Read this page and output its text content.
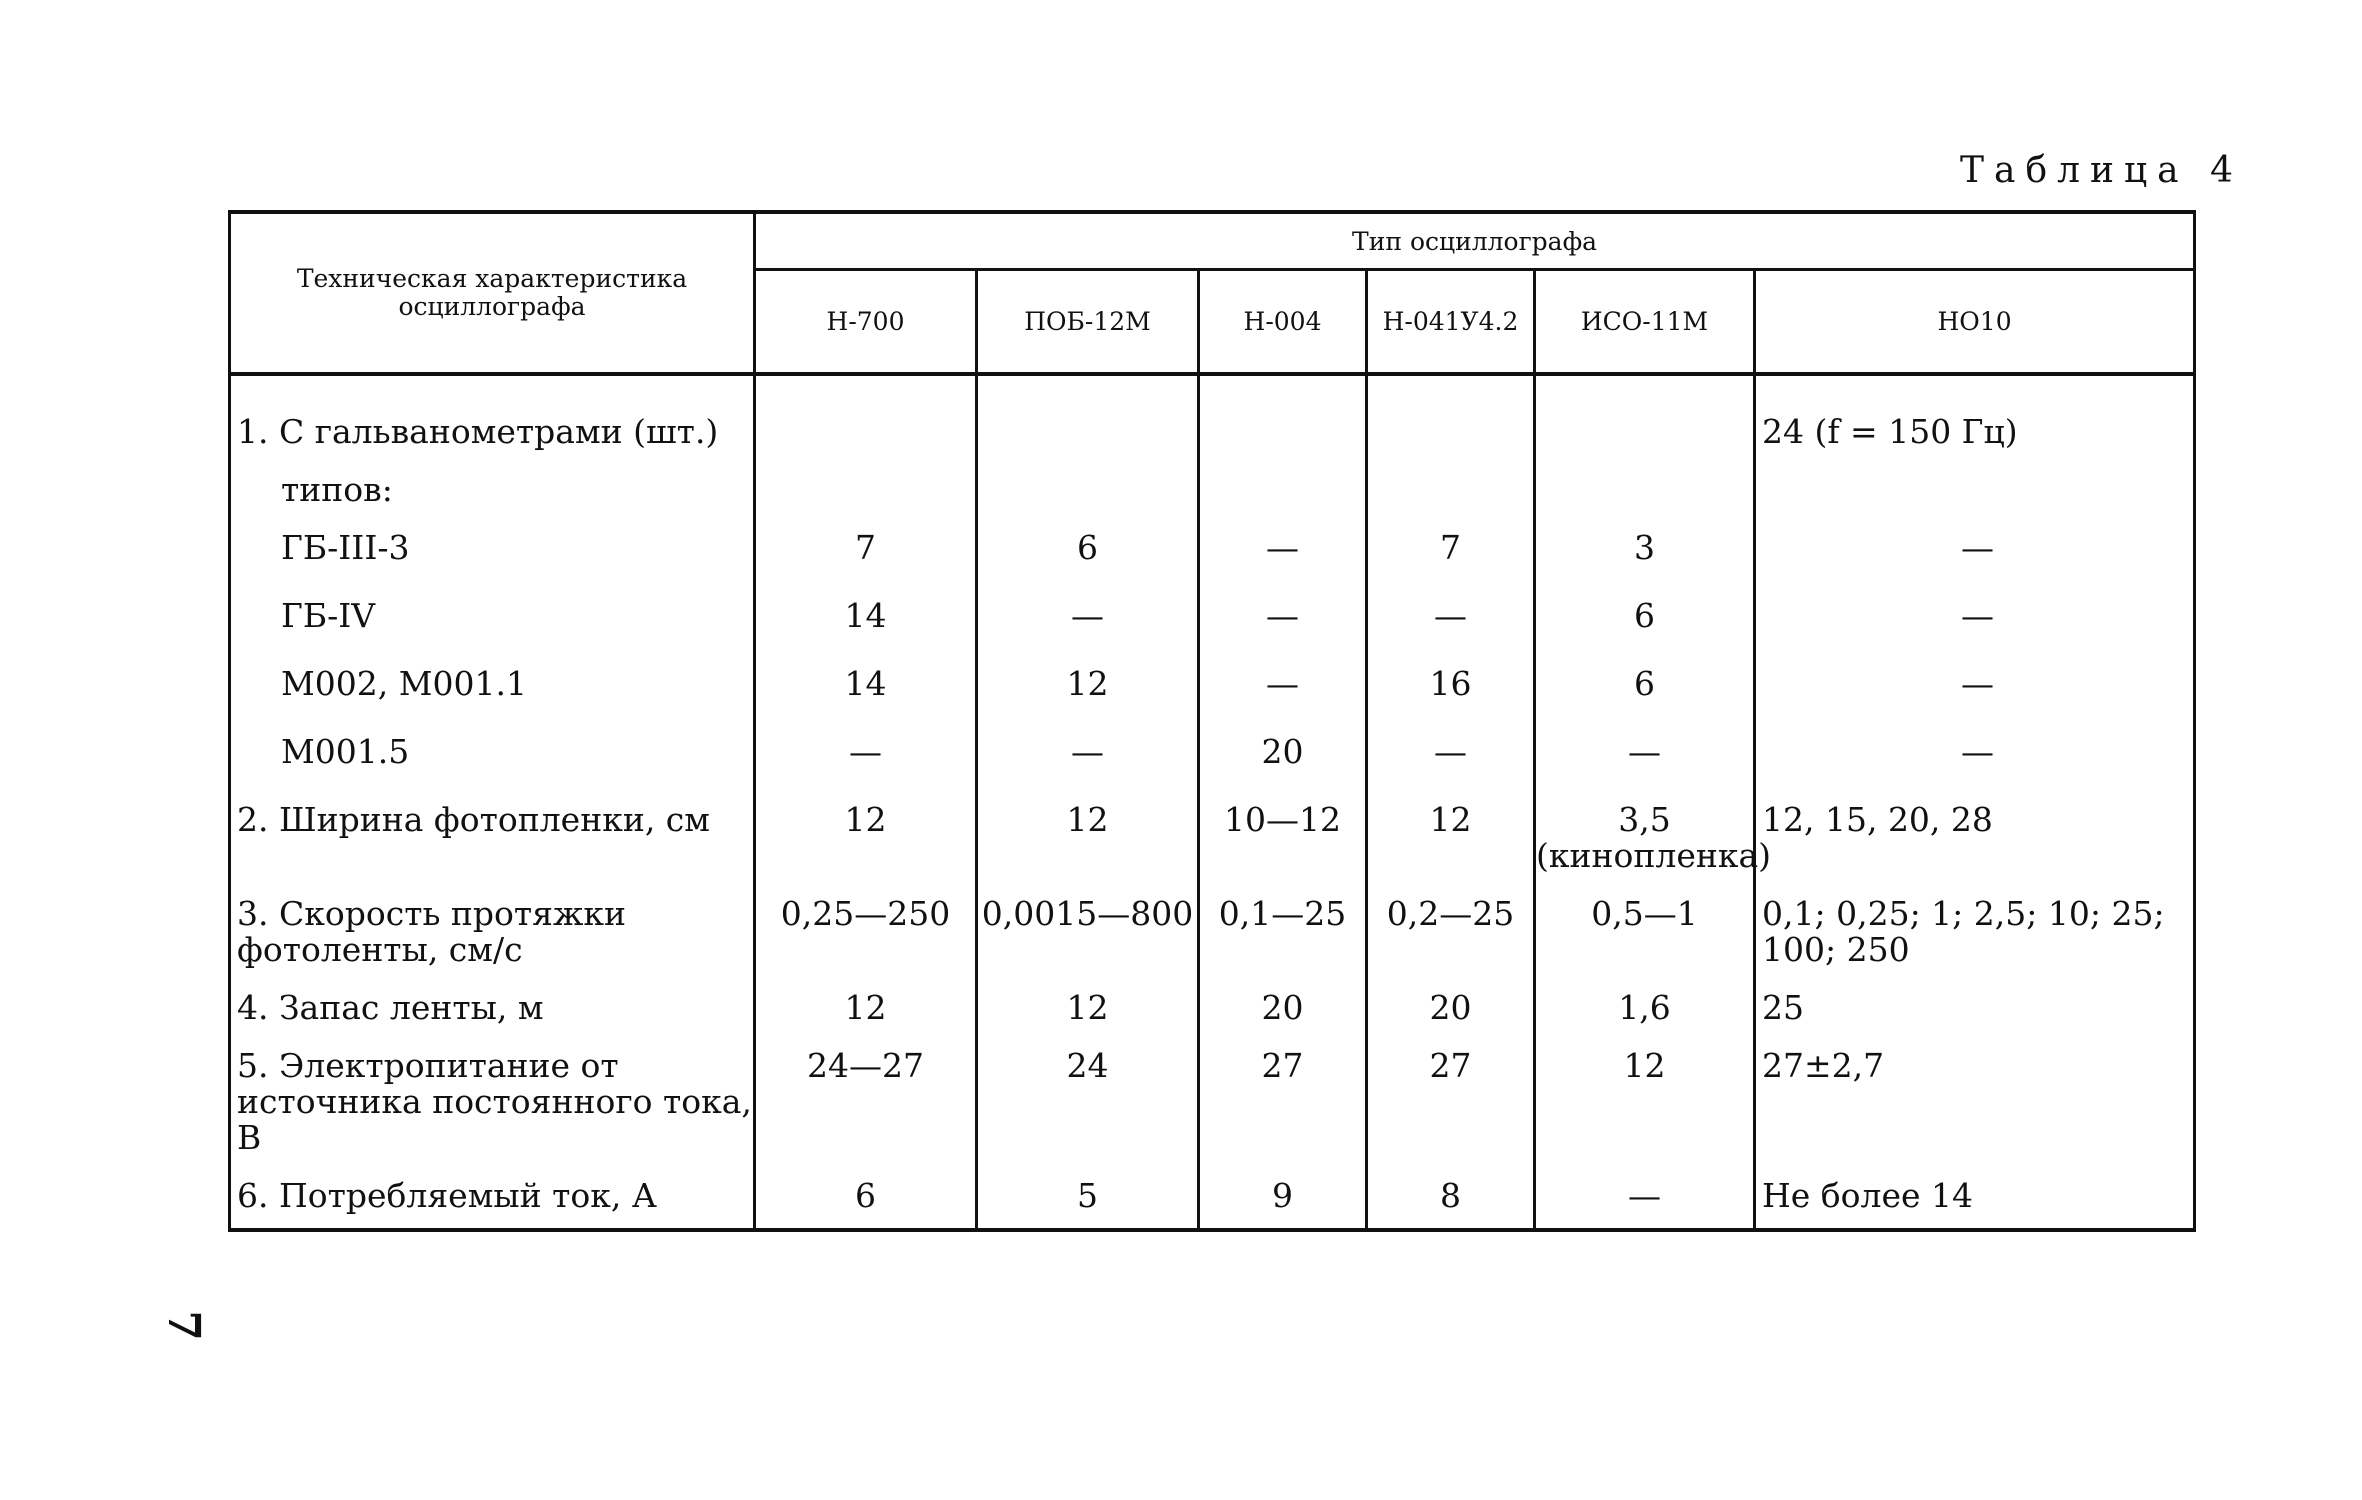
Таблица 4
7
Техническая характеристика осциллографа	Тип осциллографа					
	Н-700	ПОБ-12М	Н-004	Н-041У4.2	ИСО-11М	НО10
1. С гальванометрами (шт.)						24 (f = 150 Гц)
типов:						
ГБ-III-3	7	6	—	7	3	—
ГБ-IV	14	—	—	—	6	—
М002, М001.1	14	12	—	16	6	—
М001.5	—	—	20	—	—	—
2. Ширина фотопленки, см	12	12	10—12	12	3,5 (кинопленка)	12, 15, 20, 28
3. Скорость протяжки фотоленты, см/с	0,25—250	0,0015—800	0,1—25	0,2—25	0,5—1	0,1; 0,25; 1; 2,5; 10; 25; 100; 250
4. Запас ленты, м	12	12	20	20	1,6	25
5. Электропитание от источника постоянного тока, В	24—27	24	27	27	12	27±2,7
6. Потребляемый ток, А	6	5	9	8	—	Не более 14
